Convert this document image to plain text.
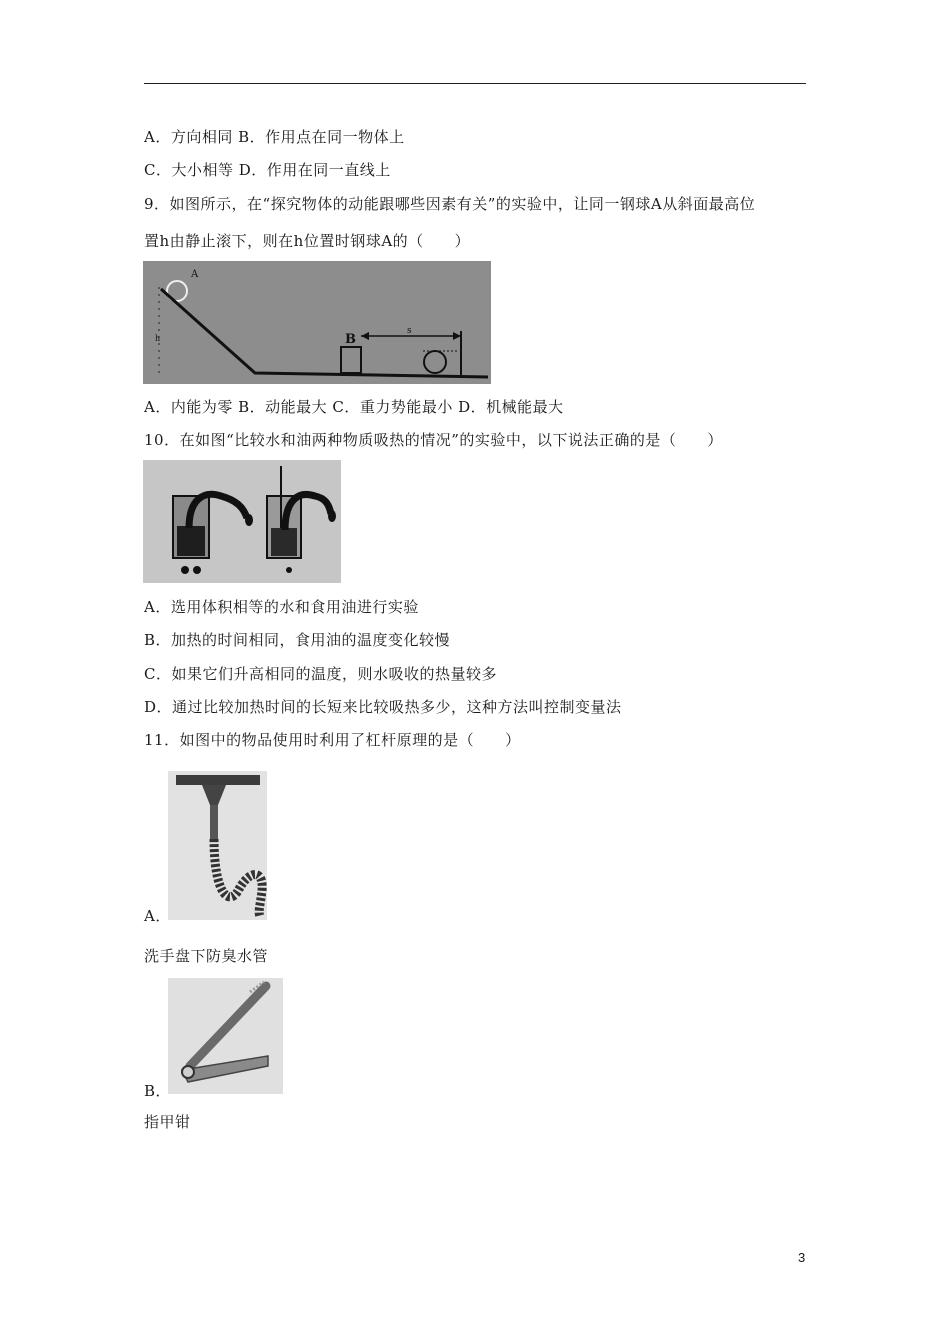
A．方向相同 B．作用点在同一物体上
C．大小相等 D．作用在同一直线上
9．如图所示，在“探究物体的动能跟哪些因素有关”的实验中，让同一钢球A从斜面最高位
置h由静止滚下，则在h位置时钢球A的（　　）
A
h	B
s
A．内能为零 B．动能最大 C．重力势能最小 D．机械能最大
10．在如图“比较水和油两种物质吸热的情况”的实验中，以下说法正确的是（　　）
A．选用体积相等的水和食用油进行实验
B．加热的时间相同，食用油的温度变化较慢
C．如果它们升高相同的温度，则水吸收的热量较多
D．通过比较加热时间的长短来比较吸热多少，这种方法叫控制变量法
11．如图中的物品使用时利用了杠杆原理的是（　　）
A．
洗手盘下防臭水管
B．
指甲钳
3
